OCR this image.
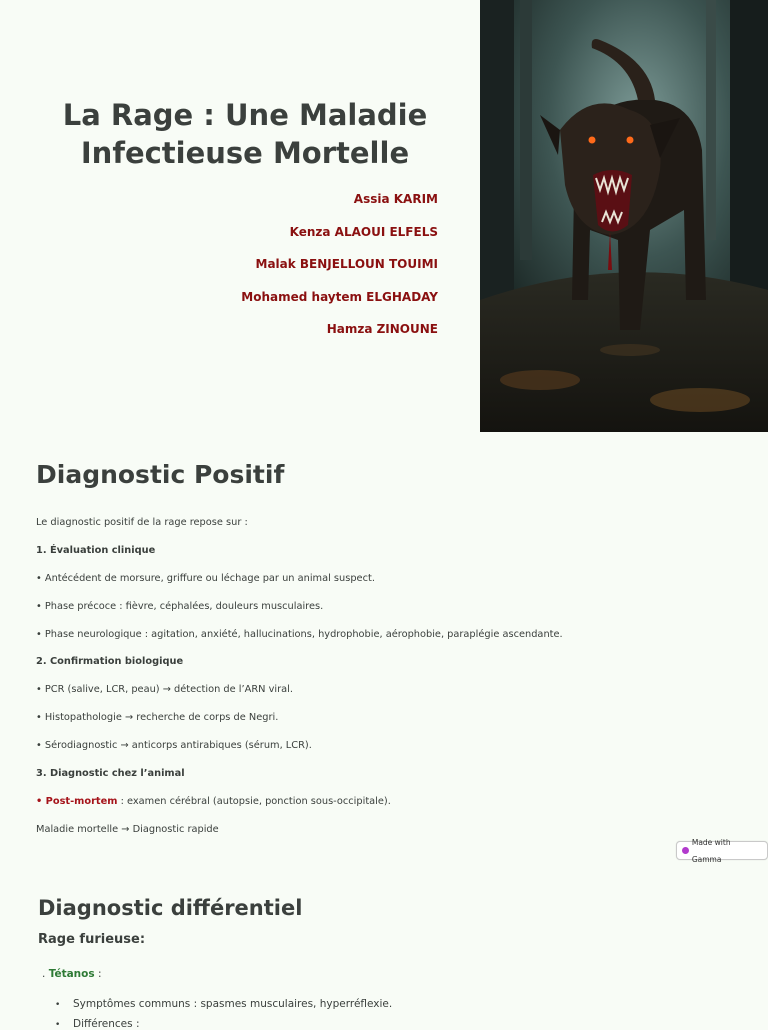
La Rage : Une Maladie Infectieuse Mortelle
Assia KARIM
Kenza ALAOUI ELFELS
Malak BENJELLOUN TOUIMI
Mohamed haytem ELGHADAY
Hamza ZINOUNE
Diagnostic Positif
Le diagnostic positif de la rage repose sur :
1. Évaluation clinique
• Antécédent de morsure, griffure ou léchage par un animal suspect.
• Phase précoce : fièvre, céphalées, douleurs musculaires.
• Phase neurologique : agitation, anxiété, hallucinations, hydrophobie, aérophobie, paraplégie ascendante.
2. Confirmation biologique
• PCR (salive, LCR, peau) → détection de l’ARN viral.
• Histopathologie → recherche de corps de Negri.
• Sérodiagnostic → anticorps antirabiques (sérum, LCR).
3. Diagnostic chez l’animal
• Post-mortem : examen cérébral (autopsie, ponction sous-occipitale).
Maladie mortelle → Diagnostic rapide
Made with Gamma
Diagnostic différentiel
Rage furieuse:
. Tétanos :
• Symptômes communs : spasmes musculaires, hyperréflexie.
• Différences :
